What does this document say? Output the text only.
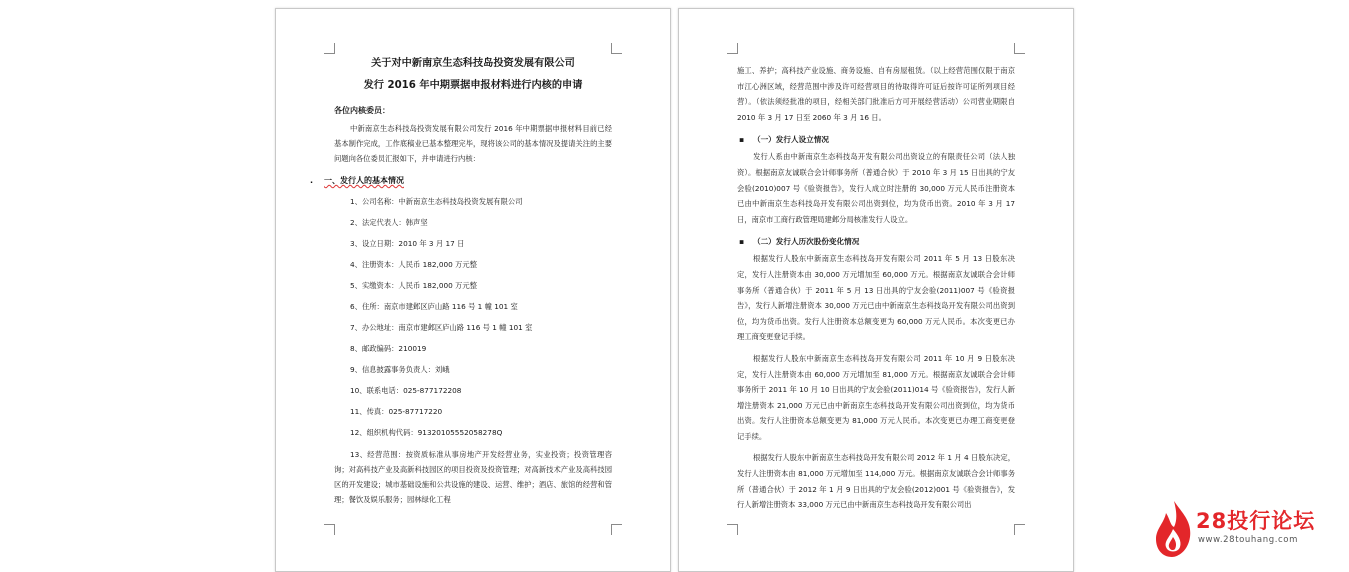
关于对中新南京生态科技岛投资发展有限公司
发行 2016 年中期票据申报材料进行内核的申请
各位内核委员：
中新南京生态科技岛投资发展有限公司发行 2016 年中期票据申报材料目前已经基本制作完成，工作底稿业已基本整理完毕，现将该公司的基本情况及提请关注的主要问题向各位委员汇报如下，并申请进行内核：
. 一、发行人的基本情况
1、公司名称：中新南京生态科技岛投资发展有限公司
2、法定代表人：韩声坚
3、设立日期：2010 年 3 月 17 日
4、注册资本：人民币 182,000 万元整
5、实缴资本：人民币 182,000 万元整
6、住所：南京市建邺区庐山路 116 号 1 幢 101 室
7、办公地址：南京市建邺区庐山路 116 号 1 幢 101 室
8、邮政编码：210019
9、信息披露事务负责人：刘峨
10、联系电话：025-877172208
11、传真：025-87717220
12、组织机构代码：91320105552058278Q
13、经营范围：按资质标准从事房地产开发经营业务，实业投资；投资管理咨询；对高科技产业及高新科技园区的项目投资及投资管理；对高新技术产业及高科技园区的开发建设；城市基础设施和公共设施的建设、运营、维护；酒店、旅馆的经营和管理；餐饮及娱乐服务；园林绿化工程
施工、养护；高科技产业设施、商务设施、自有房屋租赁。（以上经营范围仅限于南京市江心洲区域，经营范围中涉及许可经营项目的待取得许可证后按许可证所列项目经营）。（依法须经批准的项目，经相关部门批准后方可开展经营活动）公司营业期限自 2010 年 3 月 17 日至 2060 年 3 月 16 日。
▪ （一）发行人设立情况
发行人系由中新南京生态科技岛开发有限公司出资设立的有限责任公司（法人独资）。根据南京友诚联合会计师事务所（普通合伙）于 2010 年 3 月 15 日出具的宁友会验(2010)007 号《验资报告》，发行人成立时注册的 30,000 万元人民币注册资本已由中新南京生态科技岛开发有限公司出资到位，均为货币出资。2010 年 3 月 17 日，南京市工商行政管理局建邺分局核准发行人设立。
▪ （二）发行人历次股份变化情况
根据发行人股东中新南京生态科技岛开发有限公司 2011 年 5 月 13 日股东决定，发行人注册资本由 30,000 万元增加至 60,000 万元。根据南京友诚联合会计师事务所（普通合伙）于 2011 年 5 月 13 日出具的宁友会验(2011)007 号《验资报告》，发行人新增注册资本 30,000 万元已由中新南京生态科技岛开发有限公司出资到位，均为货币出资。发行人注册资本总额变更为 60,000 万元人民币。本次变更已办理工商变更登记手续。
根据发行人股东中新南京生态科技岛开发有限公司 2011 年 10 月 9 日股东决定，发行人注册资本由 60,000 万元增加至 81,000 万元。根据南京友诚联合会计师事务所于 2011 年 10 月 10 日出具的宁友会验(2011)014 号《验资报告》，发行人新增注册资本 21,000 万元已由中新南京生态科技岛开发有限公司出资到位，均为货币出资。发行人注册资本总额变更为 81,000 万元人民币。本次变更已办理工商变更登记手续。
根据发行人股东中新南京生态科技岛开发有限公司 2012 年 1 月 4 日股东决定，发行人注册资本由 81,000 万元增加至 114,000 万元。根据南京友诚联合会计师事务所（普通合伙）于 2012 年 1 月 9 日出具的宁友会验(2012)001 号《验资报告》，发行人新增注册资本 33,000 万元已由中新南京生态科技岛开发有限公司出
28投行论坛
www.28touhang.com
